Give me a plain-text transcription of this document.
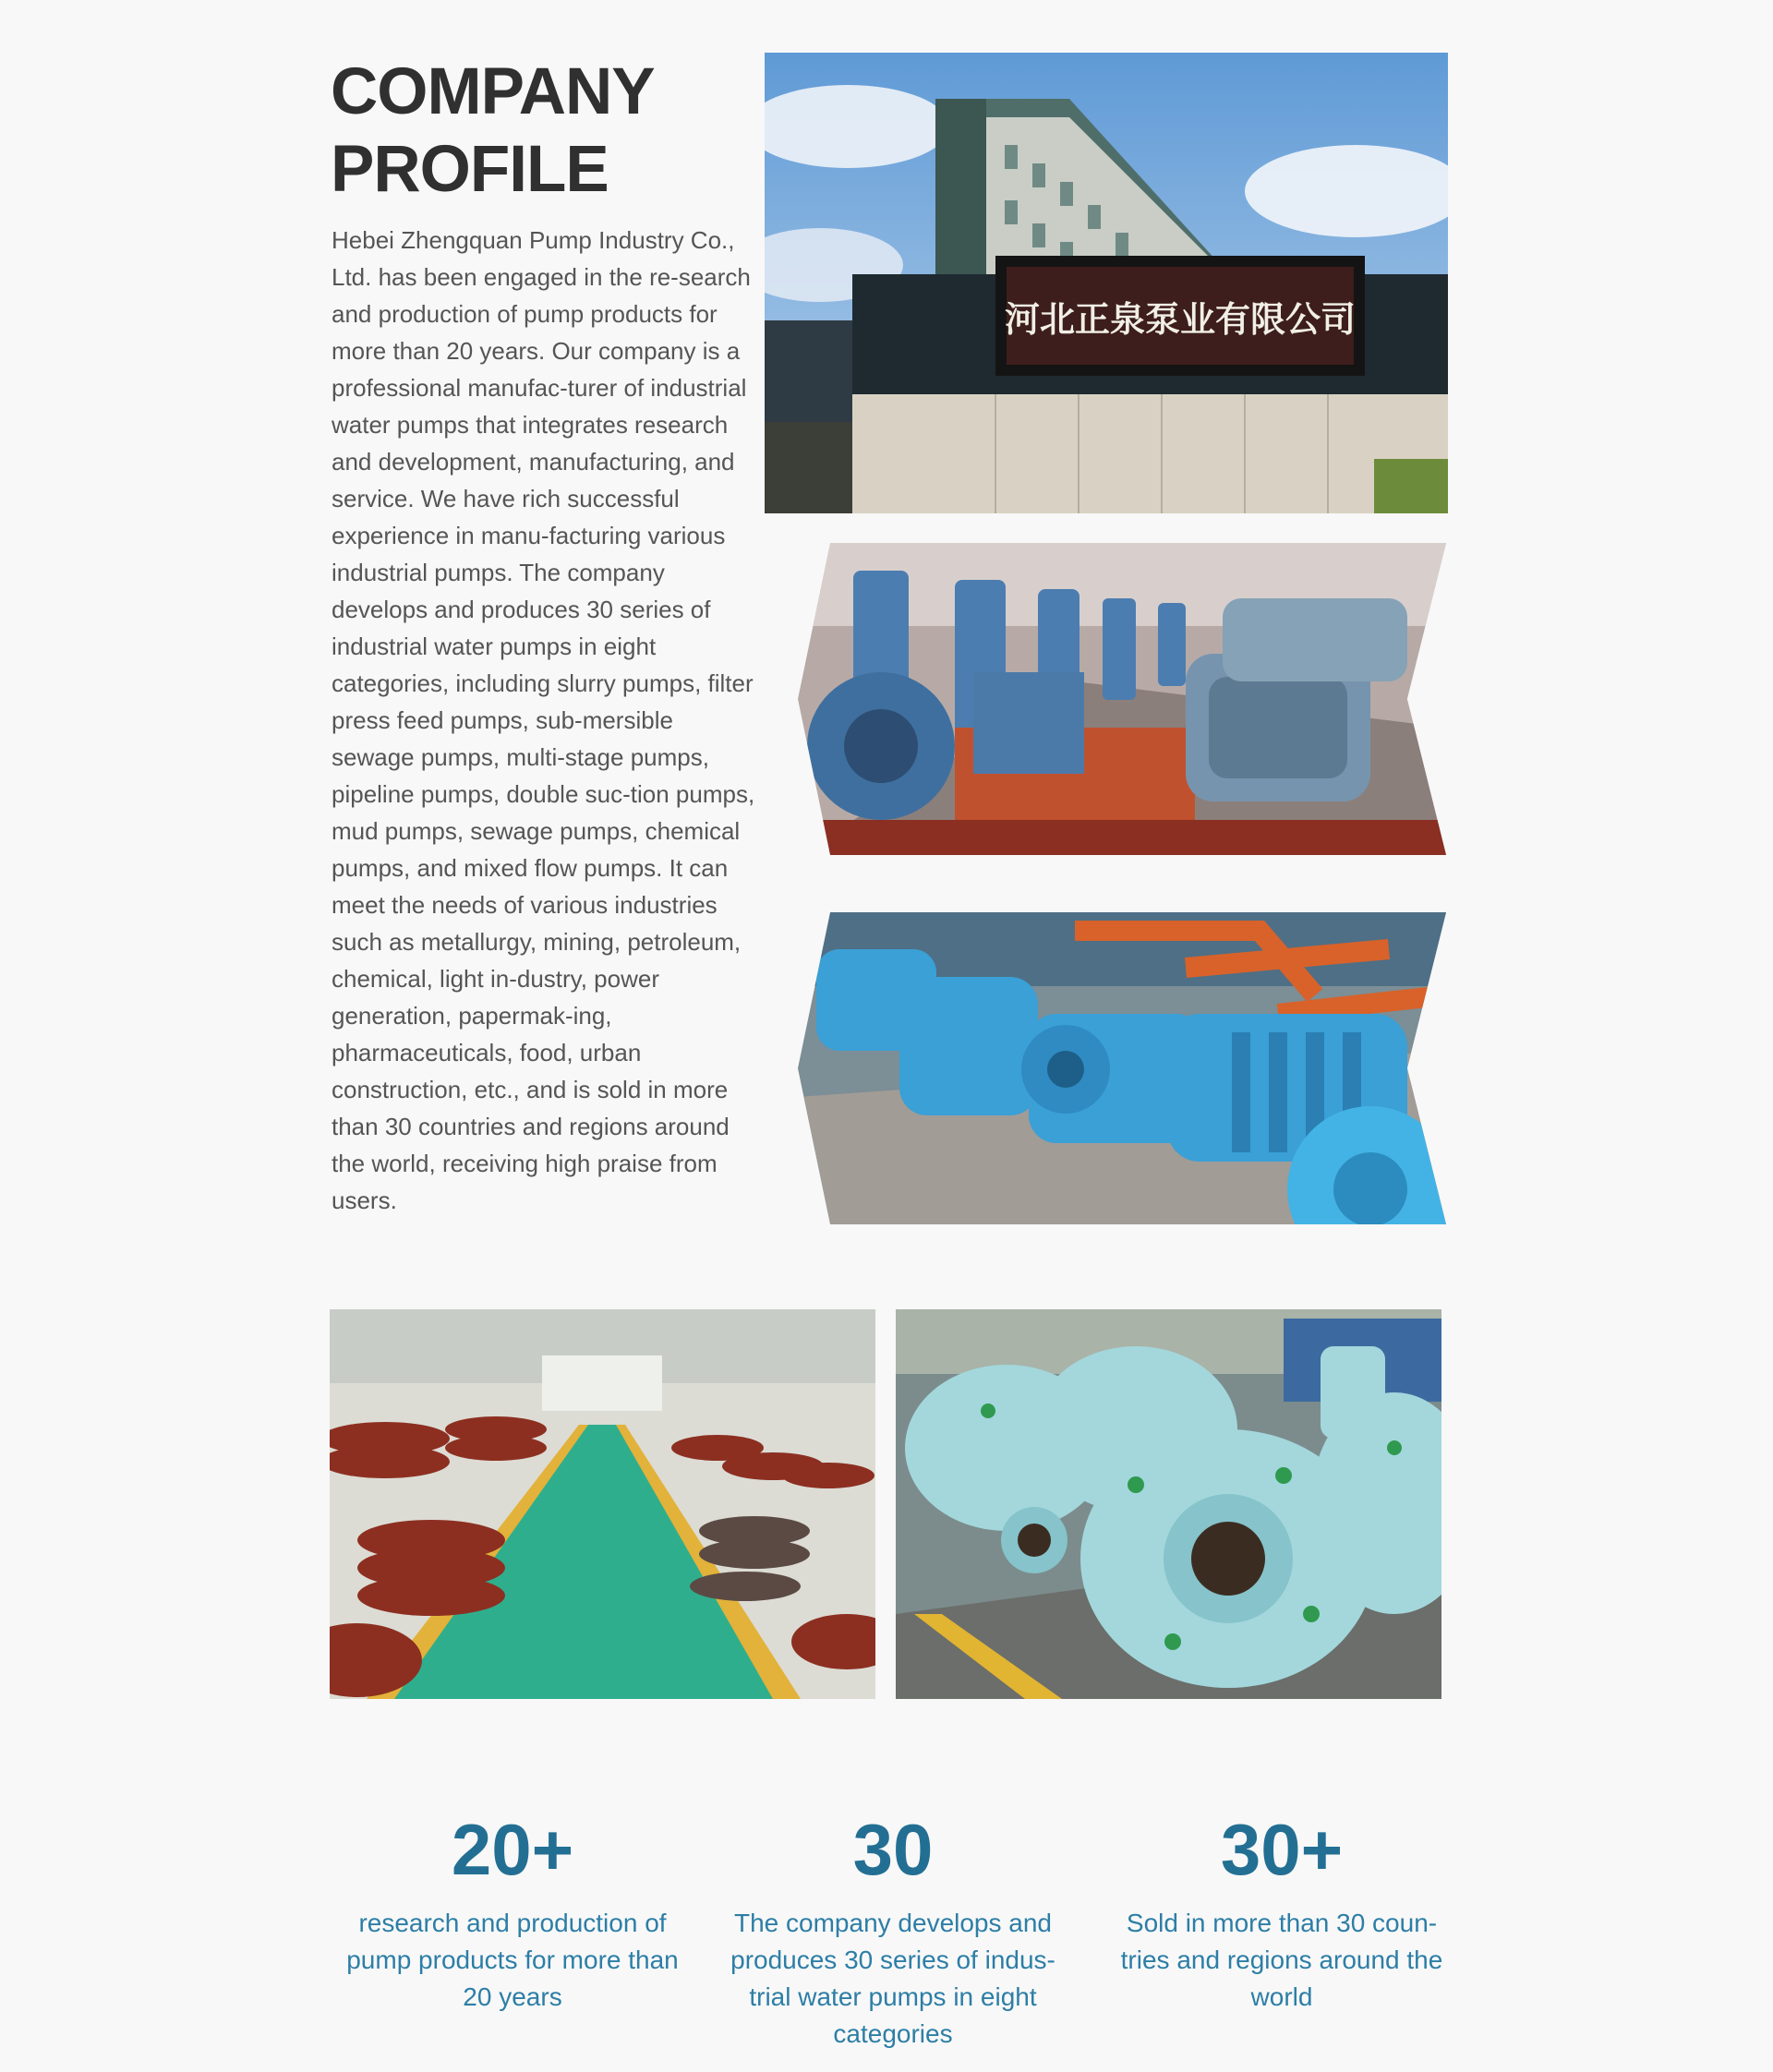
COMPANY
PROFILE

Hebei Zhengquan Pump Industry Co., Ltd. has been engaged in the re-search and production of pump products for more than 20 years. Our company is a professional manufac-turer of industrial water pumps that integrates research and development, manufacturing, and service. We have rich successful experience in manu-facturing various industrial pumps. The company develops and produces 30 series of industrial water pumps in eight categories, including slurry pumps, filter press feed pumps, sub-mersible sewage pumps, multi-stage pumps, pipeline pumps, double suc-tion pumps, mud pumps, sewage pumps, chemical pumps, and mixed flow pumps. It can meet the needs of various industries such as metallurgy, mining, petroleum, chemical, light in-dustry, power generation, papermak-ing, pharmaceuticals, food, urban construction, etc., and is sold in more than 30 countries and regions around the world, receiving high praise from users.

河北正泉泵业有限公司
20+
research and production of pump products for more than 20 years
30
The company develops and produces 30 series of indus-trial water pumps in eight categories
30+
Sold in more than 30 coun-tries and regions around the world
